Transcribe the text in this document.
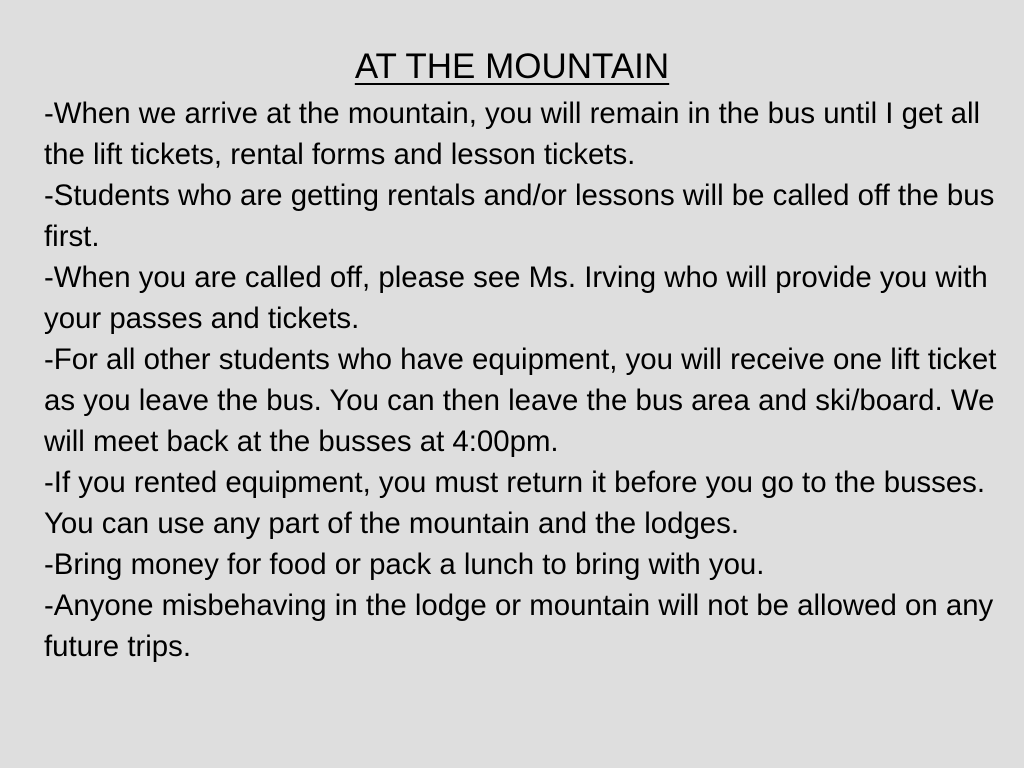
AT THE MOUNTAIN

-When we arrive at the mountain, you will remain in the bus until I get all the lift tickets, rental forms and lesson tickets.

-Students who are getting rentals and/or lessons will be called off the bus first.

-When you are called off, please see Ms. Irving who will provide you with your passes and tickets.

-For all other students who have equipment, you will receive one lift ticket as you leave the bus. You can then leave the bus area and ski/board. We will meet back at the busses at 4:00pm.

-If you rented equipment, you must return it before you go to the busses. You can use any part of the mountain and the lodges.

-Bring money for food or pack a lunch to bring with you.

-Anyone misbehaving in the lodge or mountain will not be allowed on any future trips.
